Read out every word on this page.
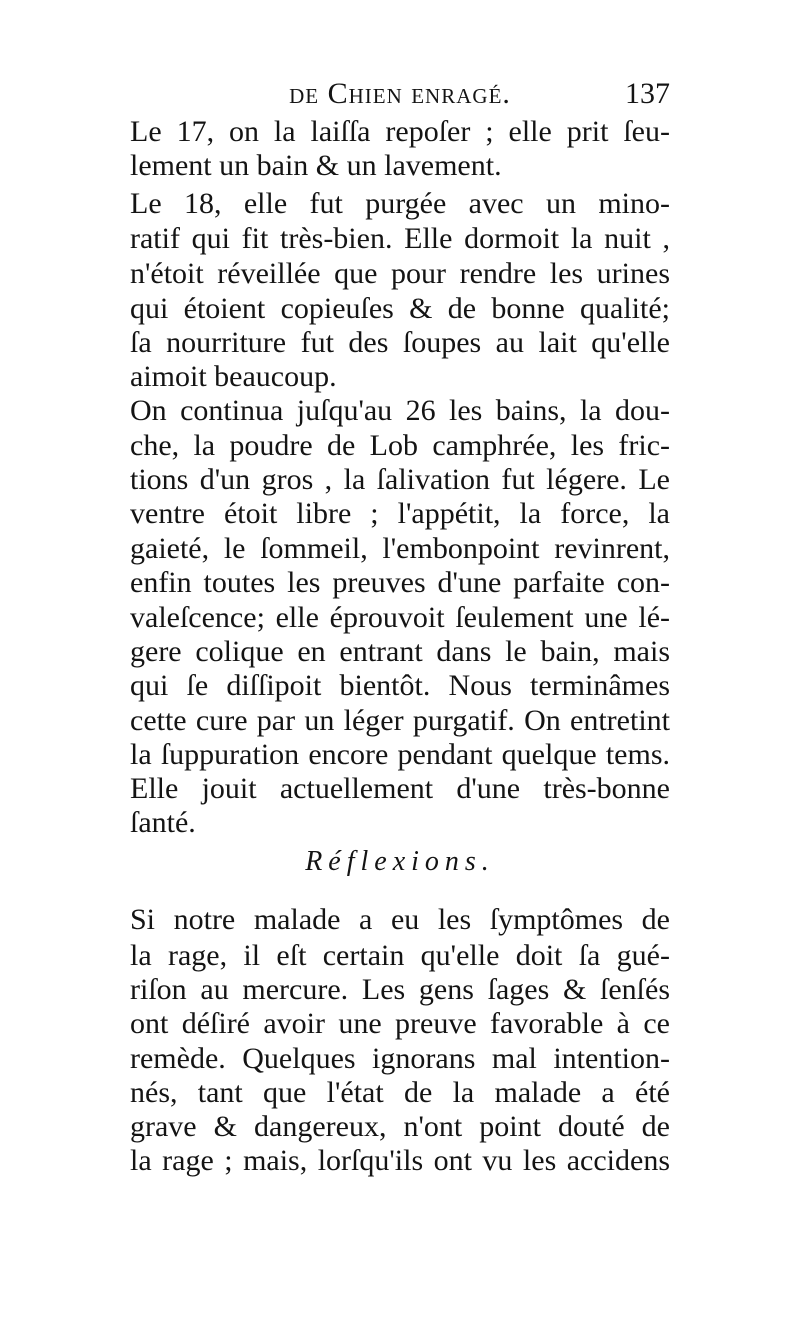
de Chien enragé.	137
Le 17, on la laiſſa repoſer ; elle prit ſeu-
lement un bain & un lavement.
Le 18, elle fut purgée avec un mino-
ratif qui fit très-bien. Elle dormoit la nuit ,
n'étoit réveillée que pour rendre les urines
qui étoient copieuſes & de bonne qualité;
ſa nourriture fut des ſoupes au lait qu'elle
aimoit beaucoup.
On continua juſqu'au 26 les bains, la dou-
che, la poudre de Lob camphrée, les fric-
tions d'un gros , la ſalivation fut légere. Le
ventre étoit libre ; l'appétit, la force, la
gaieté, le ſommeil, l'embonpoint revinrent,
enfin toutes les preuves d'une parfaite con-
valeſcence; elle éprouvoit ſeulement une lé-
gere colique en entrant dans le bain, mais
qui ſe diſſipoit bientôt. Nous terminâmes
cette cure par un léger purgatif. On entretint
la ſuppuration encore pendant quelque tems.
Elle jouit actuellement d'une très-bonne
ſanté.
Réflexions.
Si notre malade a eu les ſymptômes de
la rage, il eſt certain qu'elle doit ſa gué-
riſon au mercure. Les gens ſages & ſenſés
ont déſiré avoir une preuve favorable à ce
remède. Quelques ignorans mal intention-
nés, tant que l'état de la malade a été
grave & dangereux, n'ont point douté de
la rage ; mais, lorſqu'ils ont vu les accidens
